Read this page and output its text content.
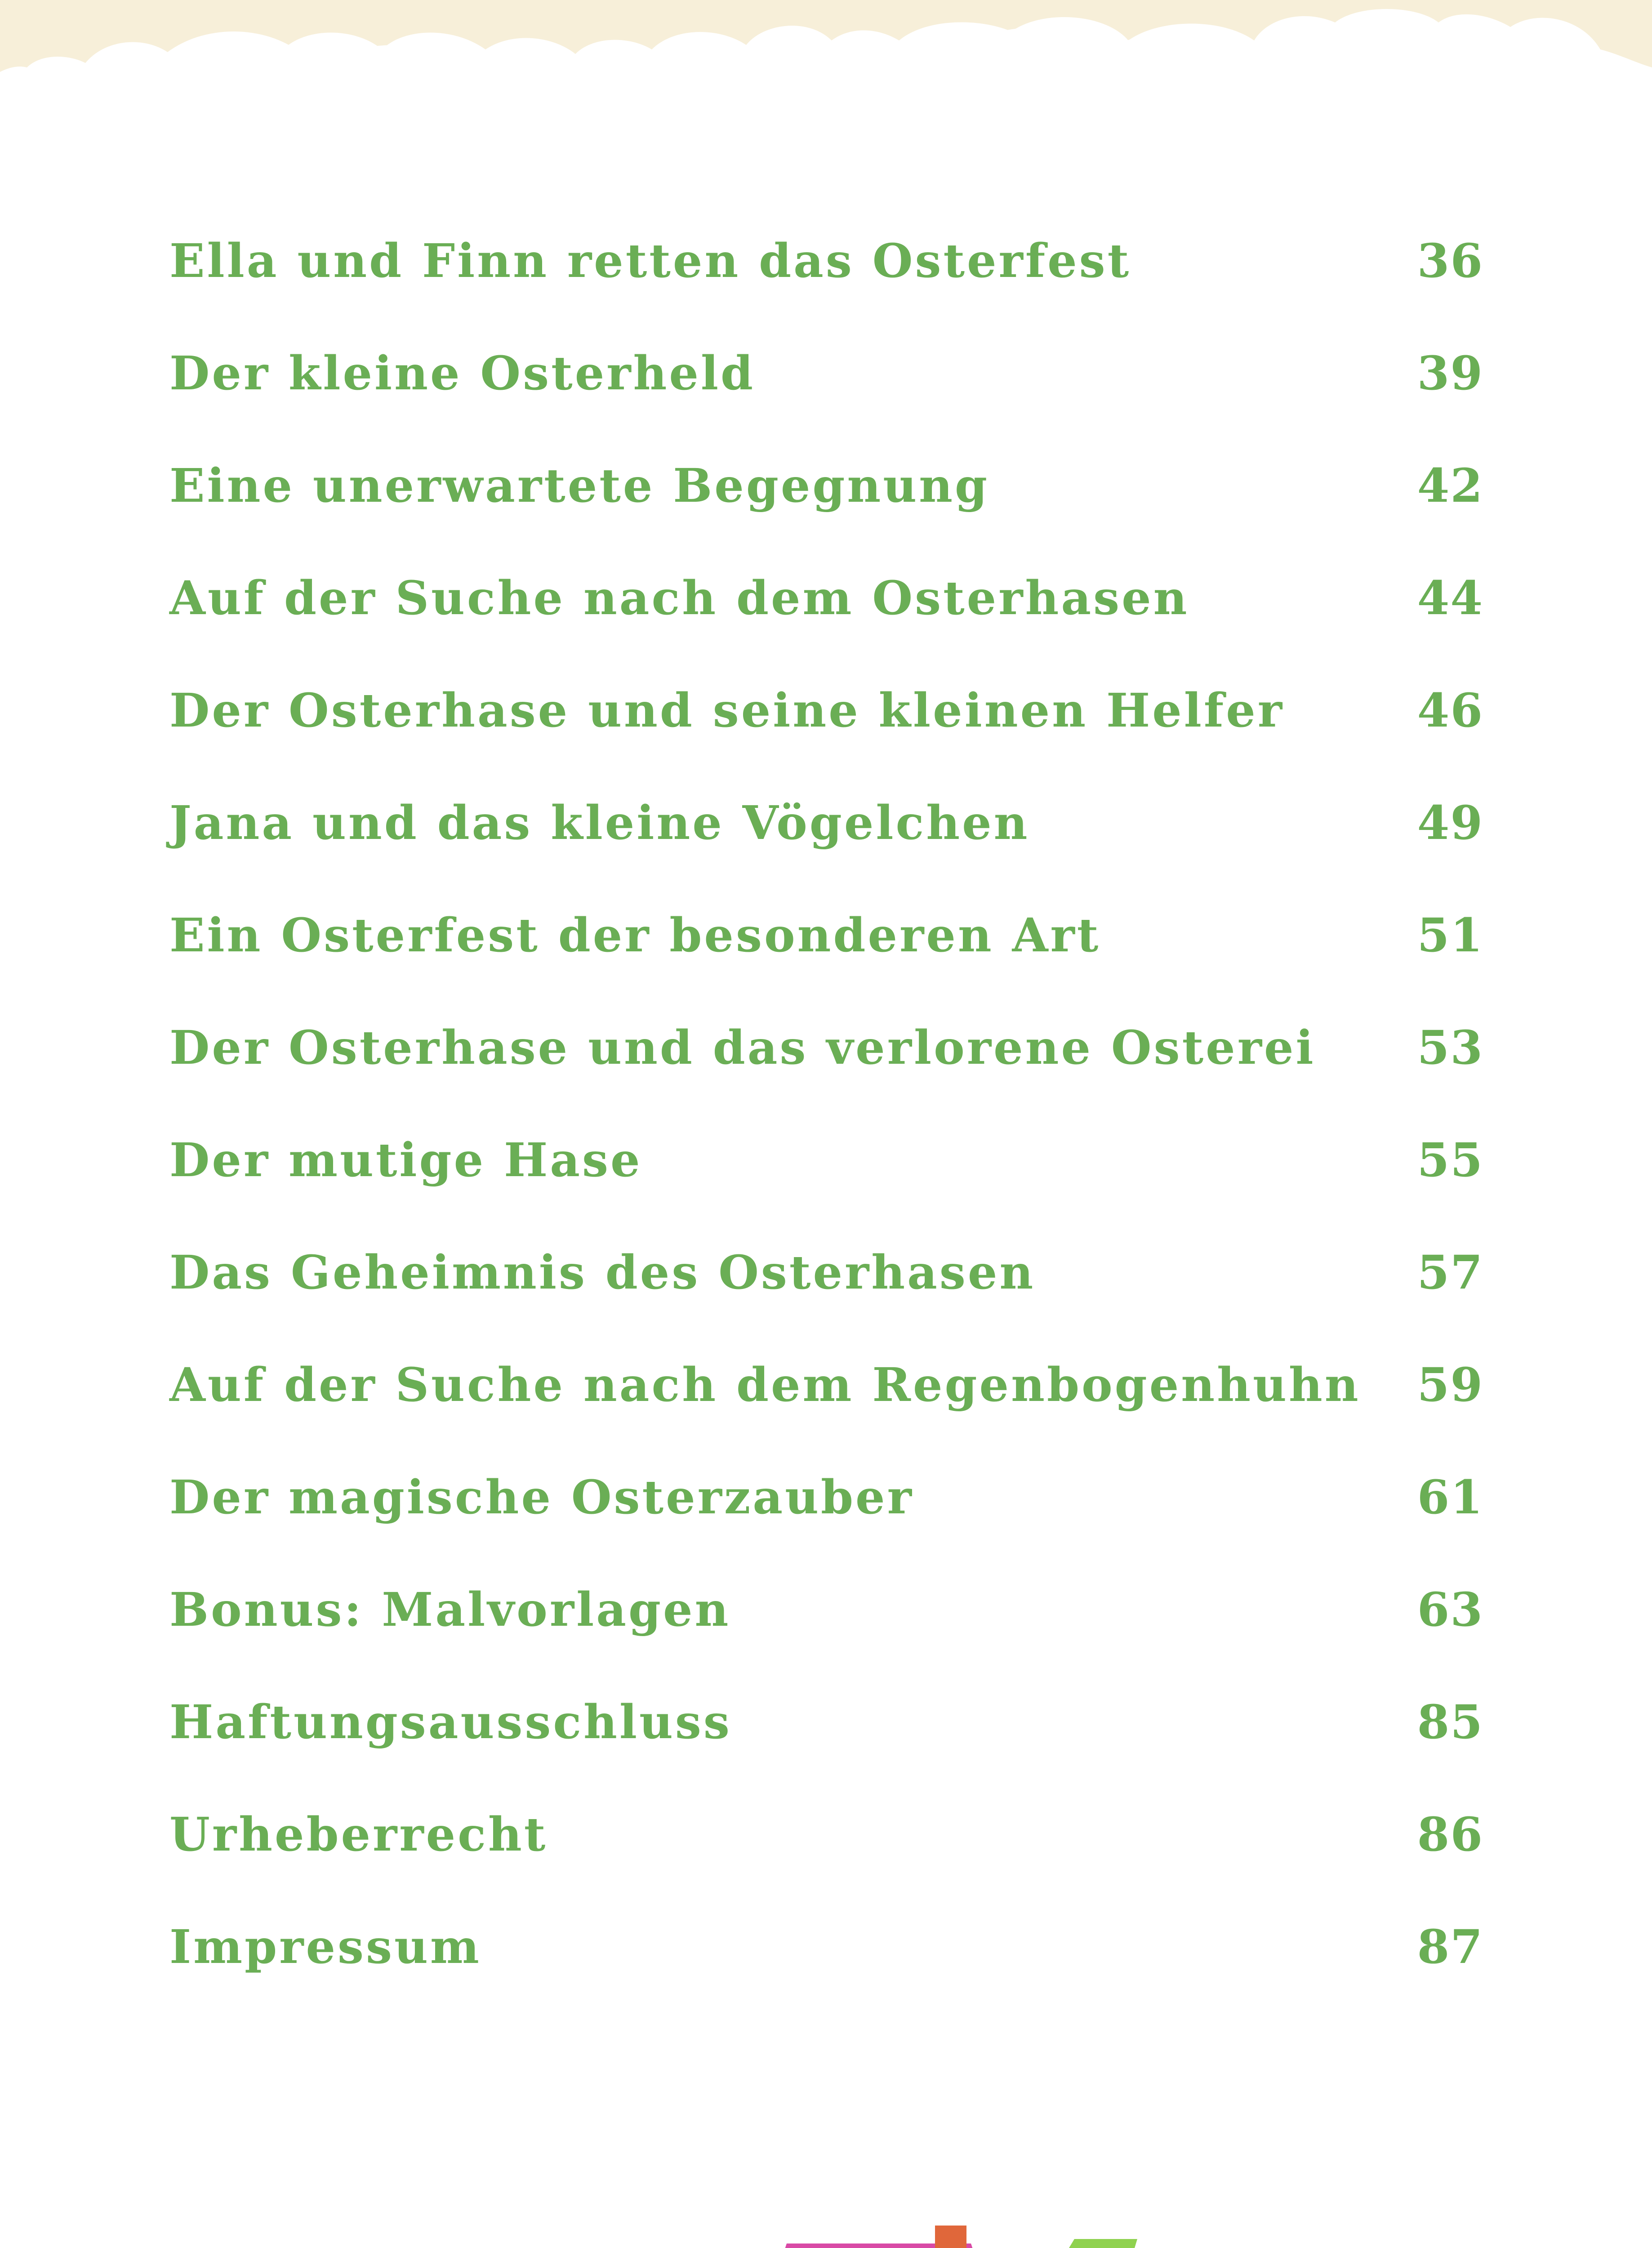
Ella und Finn retten das Osterfest	36
Der kleine Osterheld	39
Eine unerwartete Begegnung	42
Auf der Suche nach dem Osterhasen	44
Der Osterhase und seine kleinen Helfer	46
Jana und das kleine Vögelchen	49
Ein Osterfest der besonderen Art	51
Der Osterhase und das verlorene Osterei 53
Der mutige Hase	55
Das Geheimnis des Osterhasen	57
Auf der Suche nach dem Regenbogenhuhn 59
Der magische Osterzauber	61
Bonus: Malvorlagen	63
Haftungsausschluss	85
Urheberrecht	86
Impressum	87
